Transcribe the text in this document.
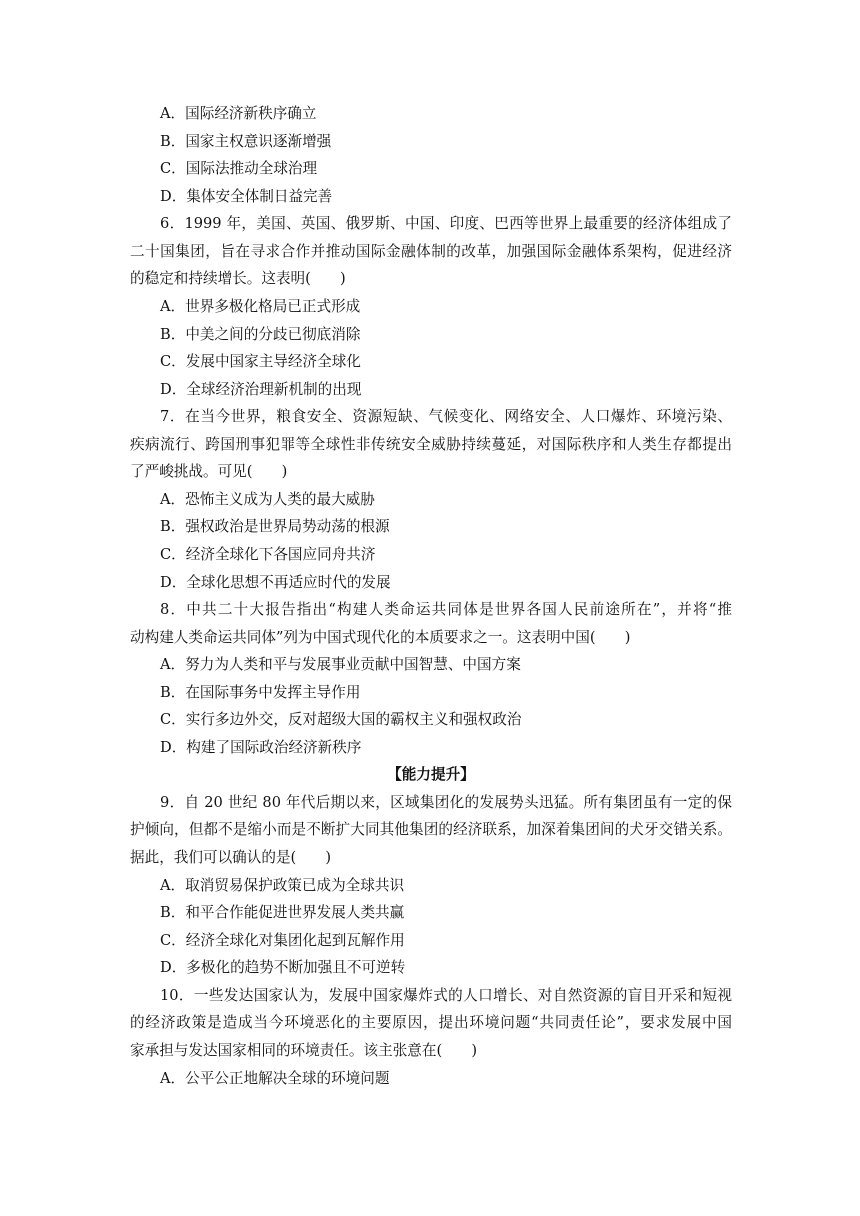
A．国际经济新秩序确立
B．国家主权意识逐渐增强
C．国际法推动全球治理
D．集体安全体制日益完善
6．1999 年，美国、英国、俄罗斯、中国、印度、巴西等世界上最重要的经济体组成了
二十国集团，旨在寻求合作并推动国际金融体制的改革，加强国际金融体系架构，促进经济
的稳定和持续增长。这表明(　　)
A．世界多极化格局已正式形成
B．中美之间的分歧已彻底消除
C．发展中国家主导经济全球化
D．全球经济治理新机制的出现
7．在当今世界，粮食安全、资源短缺、气候变化、网络安全、人口爆炸、环境污染、
疾病流行、跨国刑事犯罪等全球性非传统安全威胁持续蔓延，对国际秩序和人类生存都提出
了严峻挑战。可见(　　)
A．恐怖主义成为人类的最大威胁
B．强权政治是世界局势动荡的根源
C．经济全球化下各国应同舟共济
D．全球化思想不再适应时代的发展
8．中共二十大报告指出“构建人类命运共同体是世界各国人民前途所在”，并将“推
动构建人类命运共同体”列为中国式现代化的本质要求之一。这表明中国(　　)
A．努力为人类和平与发展事业贡献中国智慧、中国方案
B．在国际事务中发挥主导作用
C．实行多边外交，反对超级大国的霸权主义和强权政治
D．构建了国际政治经济新秩序
【能力提升】
9．自 20 世纪 80 年代后期以来，区域集团化的发展势头迅猛。所有集团虽有一定的保
护倾向，但都不是缩小而是不断扩大同其他集团的经济联系，加深着集团间的犬牙交错关系。
据此，我们可以确认的是(　　)
A．取消贸易保护政策已成为全球共识
B．和平合作能促进世界发展人类共赢
C．经济全球化对集团化起到瓦解作用
D．多极化的趋势不断加强且不可逆转
10．一些发达国家认为，发展中国家爆炸式的人口增长、对自然资源的盲目开采和短视
的经济政策是造成当今环境恶化的主要原因，提出环境问题“共同责任论”，要求发展中国
家承担与发达国家相同的环境责任。该主张意在(　　)
A．公平公正地解决全球的环境问题
